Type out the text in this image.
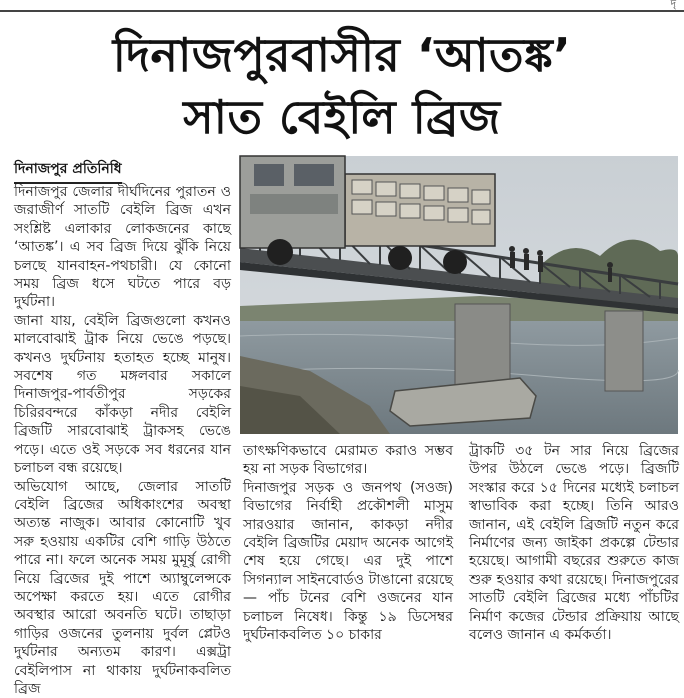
দৃ
দিনাজপুরবাসীর ‘আতঙ্ক’
সাত বেইলি ব্রিজ
দিনাজপুর প্রতিনিধি

দিনাজপুর জেলার দীর্ঘদিনের পুরাতন ও জরাজীর্ণ সাতটি বেইলি ব্রিজ এখন সংশ্লিষ্ট এলাকার লোকজনের কাছে ‘আতঙ্ক’। এ সব ব্রিজ দিয়ে ঝুঁকি নিয়ে চলছে যানবাহন-পথচারী। যে কোনো সময় ব্রিজ ধসে ঘটতে পারে বড় দুর্ঘটনা।

জানা যায়, বেইলি ব্রিজগুলো কখনও মালবোঝাই ট্রাক নিয়ে ভেঙে পড়ছে। কখনও দুর্ঘটনায় হতাহত হচ্ছে মানুষ। সবশেষ গত মঙ্গলবার সকালে দিনাজপুর-পার্বতীপুর সড়কের চিরিরবন্দরে কাঁকড়া নদীর বেইলি ব্রিজটি সারবোঝাই ট্রাকসহ ভেঙে পড়ে। এতে ওই সড়কে সব ধরনের যান চলাচল বন্ধ রয়েছে।

অভিযোগ আছে, জেলার সাতটি বেইলি ব্রিজের অধিকাংশের অবস্থা অত্যন্ত নাজুক। আবার কোনোটি খুব সরু হওয়ায় একটির বেশি গাড়ি উঠতে পারে না। ফলে অনেক সময় মুমূর্ষু রোগী নিয়ে ব্রিজের দুই পাশে অ্যাম্বুলেন্সকে অপেক্ষা করতে হয়। এতে রোগীর অবস্থার আরো অবনতি ঘটে। তাছাড়া গাড়ির ওজনের তুলনায় দুর্বল প্লেটও দুর্ঘটনার অন্যতম কারণ। এক্সট্রা বেইলিপাস না থাকায় দুর্ঘটনাকবলিত ব্রিজ

তাৎক্ষণিকভাবে মেরামত করাও সম্ভব হয় না সড়ক বিভাগের।

দিনাজপুর সড়ক ও জনপথ (সওজ) বিভাগের নির্বাহী প্রকৌশলী মাসুম সারওয়ার জানান, কাকড়া নদীর বেইলি ব্রিজটির মেয়াদ অনেক আগেই শেষ হয়ে গেছে। এর দুই পাশে সিগন্যাল সাইনবোর্ডও টাঙানো রয়েছে— পাঁচ টনের বেশি ওজনের যান চলাচল নিষেধ। কিন্তু ১৯ ডিসেম্বর দুর্ঘটনাকবলিত ১০ চাকার

ট্রাকটি ৩৫ টন সার নিয়ে ব্রিজের উপর উঠলে ভেঙে পড়ে। ব্রিজটি সংস্কার করে ১৫ দিনের মধ্যেই চলাচল স্বাভাবিক করা হচ্ছে। তিনি আরও জানান, এই বেইলি ব্রিজটি নতুন করে নির্মাণের জন্য জাইকা প্রকল্পে টেন্ডার হয়েছে। আগামী বছরের শুরুতে কাজ শুরু হওয়ার কথা রয়েছে। দিনাজপুরের সাতটি বেইলি ব্রিজের মধ্যে পাঁচটির নির্মাণ কজের টেন্ডার প্রক্রিয়ায় আছে বলেও জানান এ কর্মকর্তা।
